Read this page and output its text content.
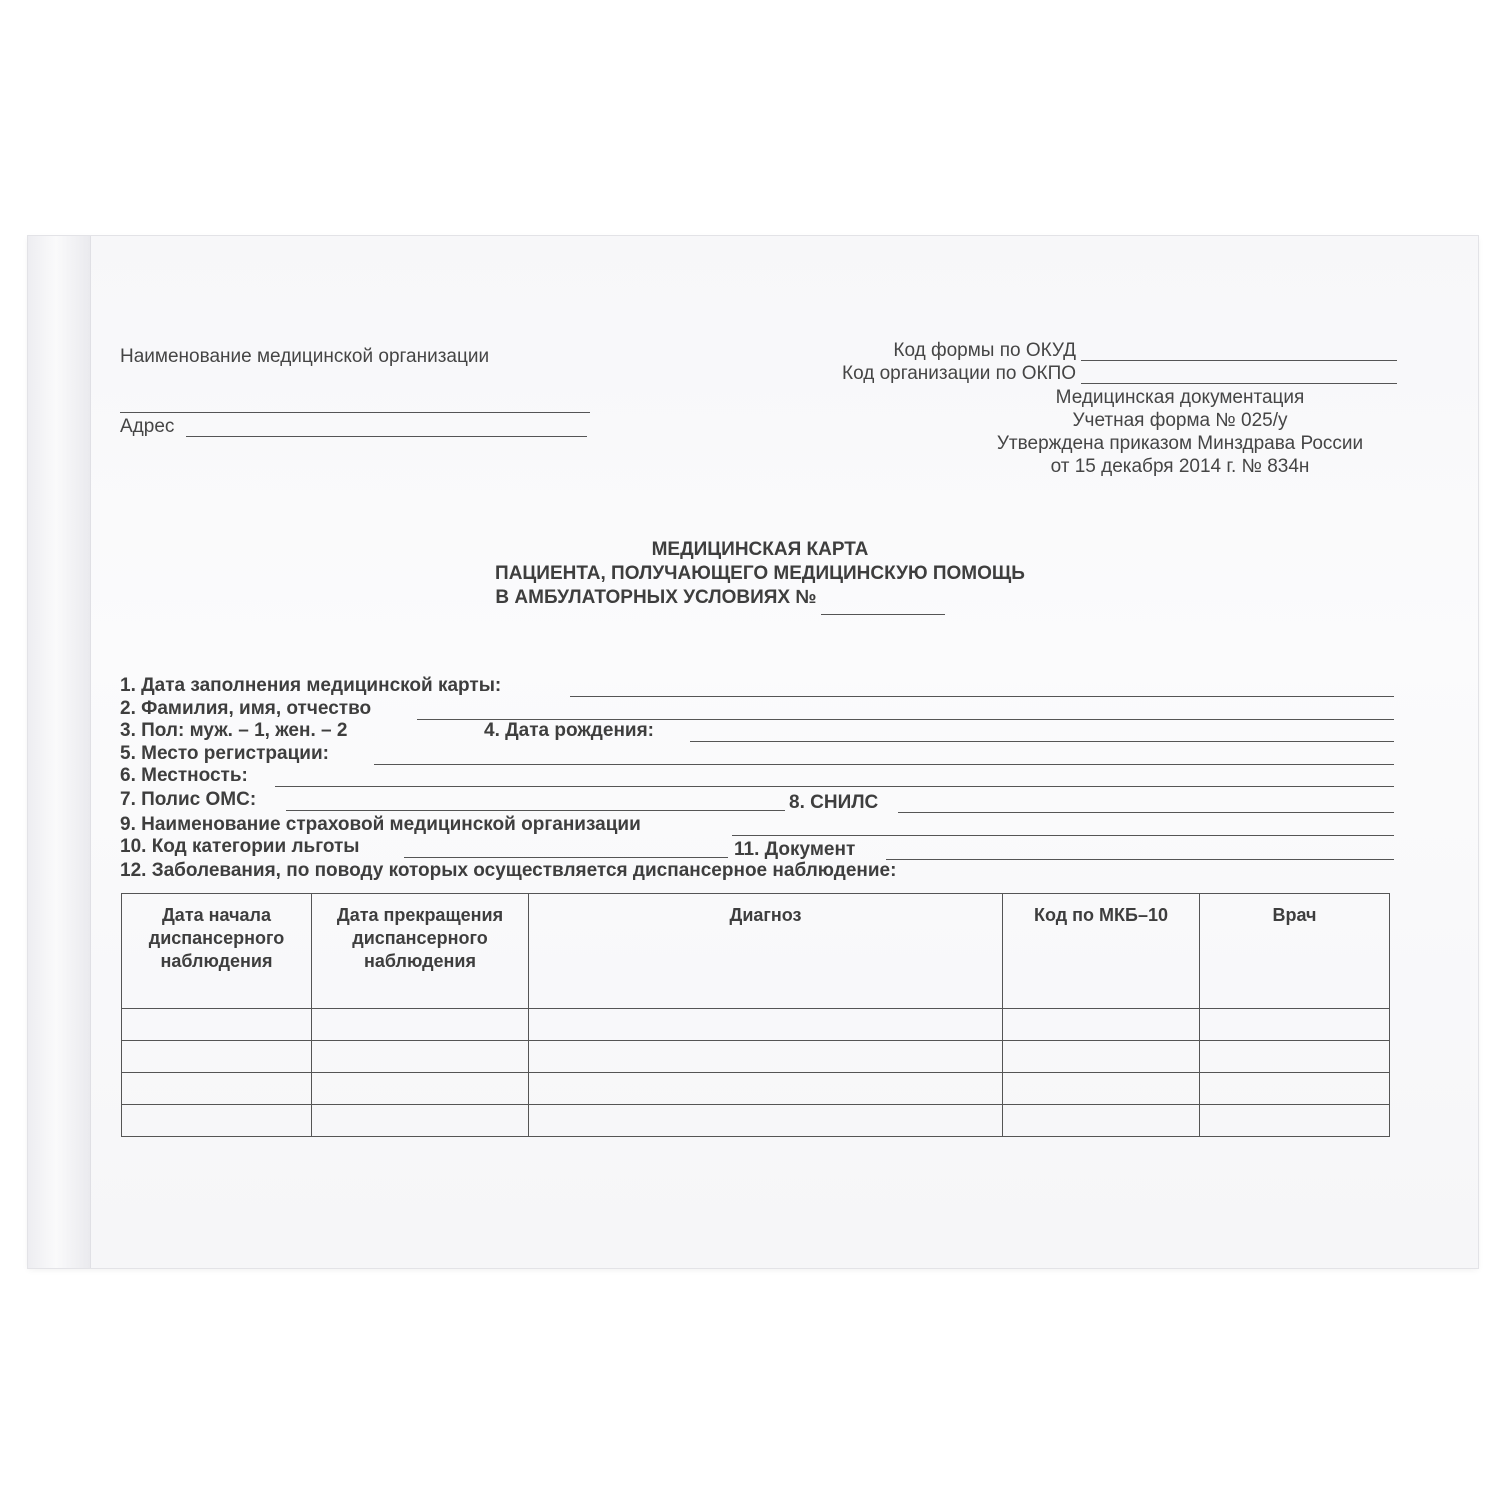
Наименование медицинской организации
Адрес
Код формы по ОКУД
Код организации по ОКПО
Медицинская документация
Учетная форма № 025/у
Утверждена приказом Минздрава России
от 15 декабря 2014 г. № 834н
МЕДИЦИНСКАЯ КАРТА
ПАЦИЕНТА, ПОЛУЧАЮЩЕГО МЕДИЦИНСКУЮ ПОМОЩЬ
В АМБУЛАТОРНЫХ УСЛОВИЯХ №
1. Дата заполнения медицинской карты:
2. Фамилия, имя, отчество
3. Пол: муж. – 1, жен. – 2	4. Дата рождения:
5. Место регистрации:
6. Местность:
7. Полис ОМС:	8. СНИЛС
9. Наименование страховой медицинской организации
10. Код категории льготы	11. Документ
12. Заболевания, по поводу которых осуществляется диспансерное наблюдение:
Дата начала диспансерного наблюдения	Дата прекращения диспансерного наблюдения	Диагноз	Код по МКБ–10	Врач
